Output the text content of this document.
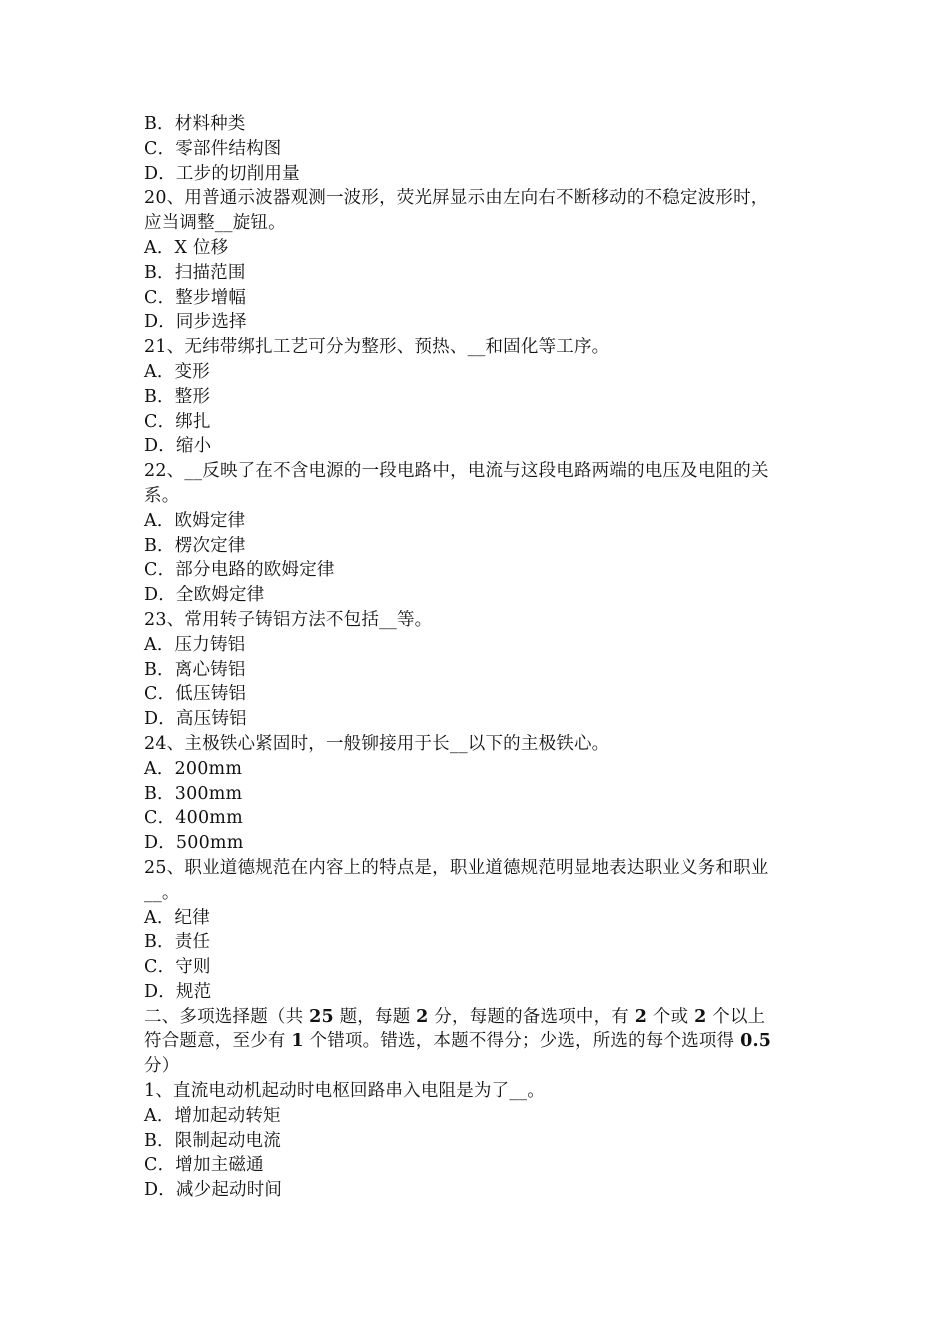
B．材料种类
C．零部件结构图
D．工步的切削用量
20、用普通示波器观测一波形，荧光屏显示由左向右不断移动的不稳定波形时，
应当调整__旋钮。
A．X 位移
B．扫描范围
C．整步增幅
D．同步选择
21、无纬带绑扎工艺可分为整形、预热、__和固化等工序。
A．变形
B．整形
C．绑扎
D．缩小
22、__反映了在不含电源的一段电路中，电流与这段电路两端的电压及电阻的关
系。
A．欧姆定律
B．楞次定律
C．部分电路的欧姆定律
D．全欧姆定律
23、常用转子铸铝方法不包括__等。
A．压力铸铝
B．离心铸铝
C．低压铸铝
D．高压铸铝
24、主极铁心紧固时，一般铆接用于长__以下的主极铁心。
A．200mm
B．300mm
C．400mm
D．500mm
25、职业道德规范在内容上的特点是，职业道德规范明显地表达职业义务和职业
__。
A．纪律
B．责任
C．守则
D．规范
二、多项选择题（共 25 题，每题 2 分，每题的备选项中，有 2 个或 2 个以上
符合题意，至少有 1 个错项。错选，本题不得分；少选，所选的每个选项得 0.5
分）
1、直流电动机起动时电枢回路串入电阻是为了__。
A．增加起动转矩
B．限制起动电流
C．增加主磁通
D．减少起动时间
